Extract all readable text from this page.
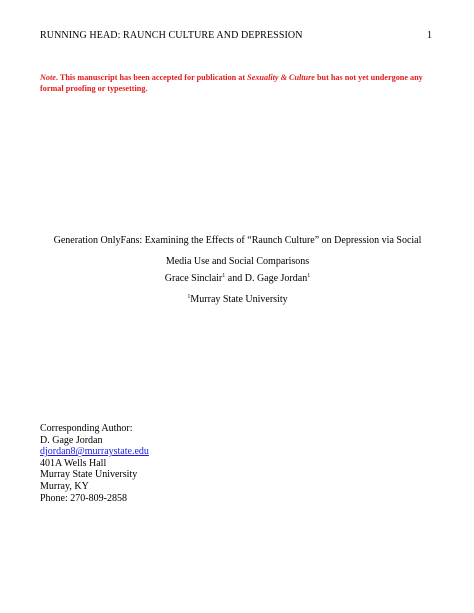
RUNNING HEAD: RAUNCH CULTURE AND DEPRESSION	1
Note. This manuscript has been accepted for publication at Sexuality & Culture but has not yet undergone any formal proofing or typesetting.
Generation OnlyFans: Examining the Effects of “Raunch Culture” on Depression via Social
Media Use and Social Comparisons
Grace Sinclair$^1$ and D. Gage Jordan$^1$
$^1$Murray State University
Corresponding Author:
D. Gage Jordan
djordan8@murraystate.edu
401A Wells Hall
Murray State University
Murray, KY
Phone: 270-809-2858
